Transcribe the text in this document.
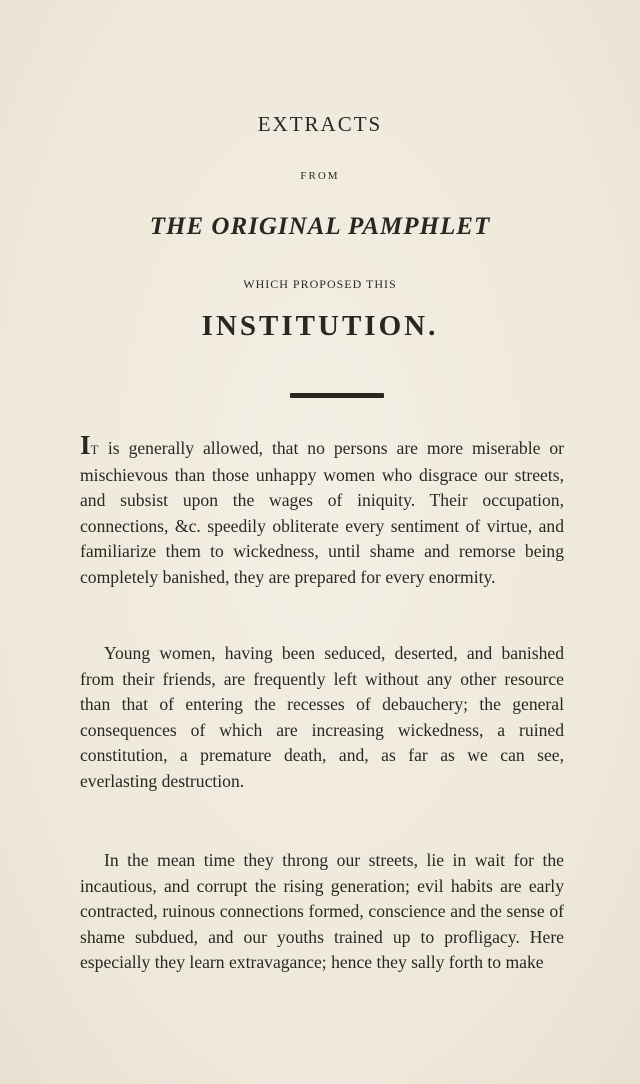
EXTRACTS
FROM
THE ORIGINAL PAMPHLET
WHICH PROPOSED THIS
INSTITUTION.

IT is generally allowed, that no persons are more miserable or mischievous than those unhappy women who disgrace our streets, and subsist upon the wages of iniquity. Their occupation, connections, &c. speedily obliterate every sentiment of virtue, and familiarize them to wickedness, until shame and remorse being completely banished, they are prepared for every enormity.

Young women, having been seduced, deserted, and banished from their friends, are frequently left without any other resource than that of entering the recesses of debauchery; the general consequences of which are increasing wickedness, a ruined constitution, a premature death, and, as far as we can see, everlasting destruction.

In the mean time they throng our streets, lie in wait for the incautious, and corrupt the rising generation; evil habits are early contracted, ruinous connections formed, conscience and the sense of shame subdued, and our youths trained up to profligacy. Here especially they learn extravagance; hence they sally forth to make
